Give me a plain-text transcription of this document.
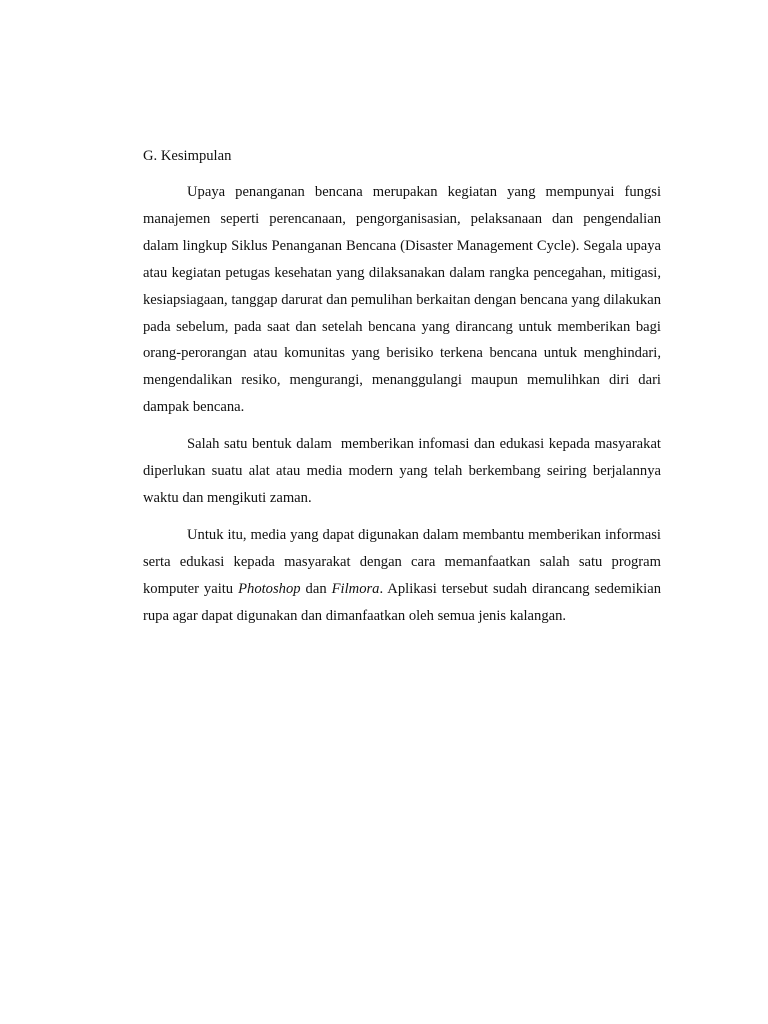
G. Kesimpulan

Upaya penanganan bencana merupakan kegiatan yang mempunyai fungsi manajemen seperti perencanaan, pengorganisasian, pelaksanaan dan pengendalian dalam lingkup Siklus Penanganan Bencana (Disaster Management Cycle). Segala upaya atau kegiatan petugas kesehatan yang dilaksanakan dalam rangka pencegahan, mitigasi, kesiapsiagaan, tanggap darurat dan pemulihan berkaitan dengan bencana yang dilakukan pada sebelum, pada saat dan setelah bencana yang dirancang untuk memberikan bagi orang-perorangan atau komunitas yang berisiko terkena bencana untuk menghindari, mengendalikan resiko, mengurangi, menanggulangi maupun memulihkan diri dari dampak bencana.

Salah satu bentuk dalam  memberikan infomasi dan edukasi kepada masyarakat diperlukan suatu alat atau media modern yang telah berkembang seiring berjalannya waktu dan mengikuti zaman.

Untuk itu, media yang dapat digunakan dalam membantu memberikan informasi serta edukasi kepada masyarakat dengan cara memanfaatkan salah satu program komputer yaitu Photoshop dan Filmora. Aplikasi tersebut sudah dirancang sedemikian rupa agar dapat digunakan dan dimanfaatkan oleh semua jenis kalangan.
